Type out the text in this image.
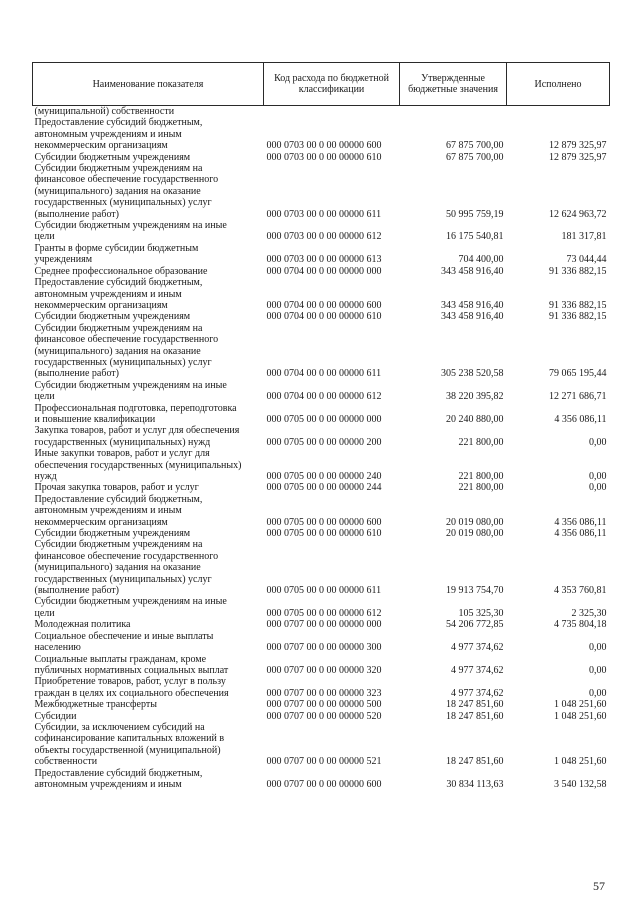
Наименование показателя	Код расхода по бюджетной классификации	Утвержденные бюджетные значения	Исполнено

(муниципальной) собственности			

Предоставление субсидий бюджетным,
автономным учреждениям и иным
некоммерческим организациям	000 0703 00 0 00 00000 600	67 875 700,00	12 879 325,97

Субсидии бюджетным учреждениям	000 0703 00 0 00 00000 610	67 875 700,00	12 879 325,97

Субсидии бюджетным учреждениям на
финансовое обеспечение государственного
(муниципального) задания на оказание
государственных (муниципальных) услуг
(выполнение работ)	000 0703 00 0 00 00000 611	50 995 759,19	12 624 963,72

Субсидии бюджетным учреждениям на иные
цели	000 0703 00 0 00 00000 612	16 175 540,81	181 317,81

Гранты в форме субсидии бюджетным
учреждениям	000 0703 00 0 00 00000 613	704 400,00	73 044,44

Среднее профессиональное образование	000 0704 00 0 00 00000 000	343 458 916,40	91 336 882,15

Предоставление субсидий бюджетным,
автономным учреждениям и иным
некоммерческим организациям	000 0704 00 0 00 00000 600	343 458 916,40	91 336 882,15

Субсидии бюджетным учреждениям	000 0704 00 0 00 00000 610	343 458 916,40	91 336 882,15

Субсидии бюджетным учреждениям на
финансовое обеспечение государственного
(муниципального) задания на оказание
государственных (муниципальных) услуг
(выполнение работ)	000 0704 00 0 00 00000 611	305 238 520,58	79 065 195,44

Субсидии бюджетным учреждениям на иные
цели	000 0704 00 0 00 00000 612	38 220 395,82	12 271 686,71

Профессиональная подготовка, переподготовка
и повышение квалификации	000 0705 00 0 00 00000 000	20 240 880,00	4 356 086,11

Закупка товаров, работ и услуг для обеспечения
государственных (муниципальных) нужд	000 0705 00 0 00 00000 200	221 800,00	0,00

Иные закупки товаров, работ и услуг для
обеспечения государственных (муниципальных)
нужд	000 0705 00 0 00 00000 240	221 800,00	0,00

Прочая закупка товаров, работ и услуг	000 0705 00 0 00 00000 244	221 800,00	0,00

Предоставление субсидий бюджетным,
автономным учреждениям и иным
некоммерческим организациям	000 0705 00 0 00 00000 600	20 019 080,00	4 356 086,11

Субсидии бюджетным учреждениям	000 0705 00 0 00 00000 610	20 019 080,00	4 356 086,11

Субсидии бюджетным учреждениям на
финансовое обеспечение государственного
(муниципального) задания на оказание
государственных (муниципальных) услуг
(выполнение работ)	000 0705 00 0 00 00000 611	19 913 754,70	4 353 760,81

Субсидии бюджетным учреждениям на иные
цели	000 0705 00 0 00 00000 612	105 325,30	2 325,30

Молодежная политика	000 0707 00 0 00 00000 000	54 206 772,85	4 735 804,18

Социальное обеспечение и иные выплаты
населению	000 0707 00 0 00 00000 300	4 977 374,62	0,00

Социальные выплаты гражданам, кроме
публичных нормативных социальных выплат	000 0707 00 0 00 00000 320	4 977 374,62	0,00

Приобретение товаров, работ, услуг в пользу
граждан в целях их социального обеспечения	000 0707 00 0 00 00000 323	4 977 374,62	0,00

Межбюджетные трансферты	000 0707 00 0 00 00000 500	18 247 851,60	1 048 251,60

Субсидии	000 0707 00 0 00 00000 520	18 247 851,60	1 048 251,60

Субсидии, за исключением субсидий на
софинансирование капитальных вложений в
объекты государственной (муниципальной)
собственности	000 0707 00 0 00 00000 521	18 247 851,60	1 048 251,60

Предоставление субсидий бюджетным,
автономным учреждениям и иным	000 0707 00 0 00 00000 600	30 834 113,63	3 540 132,58
57
